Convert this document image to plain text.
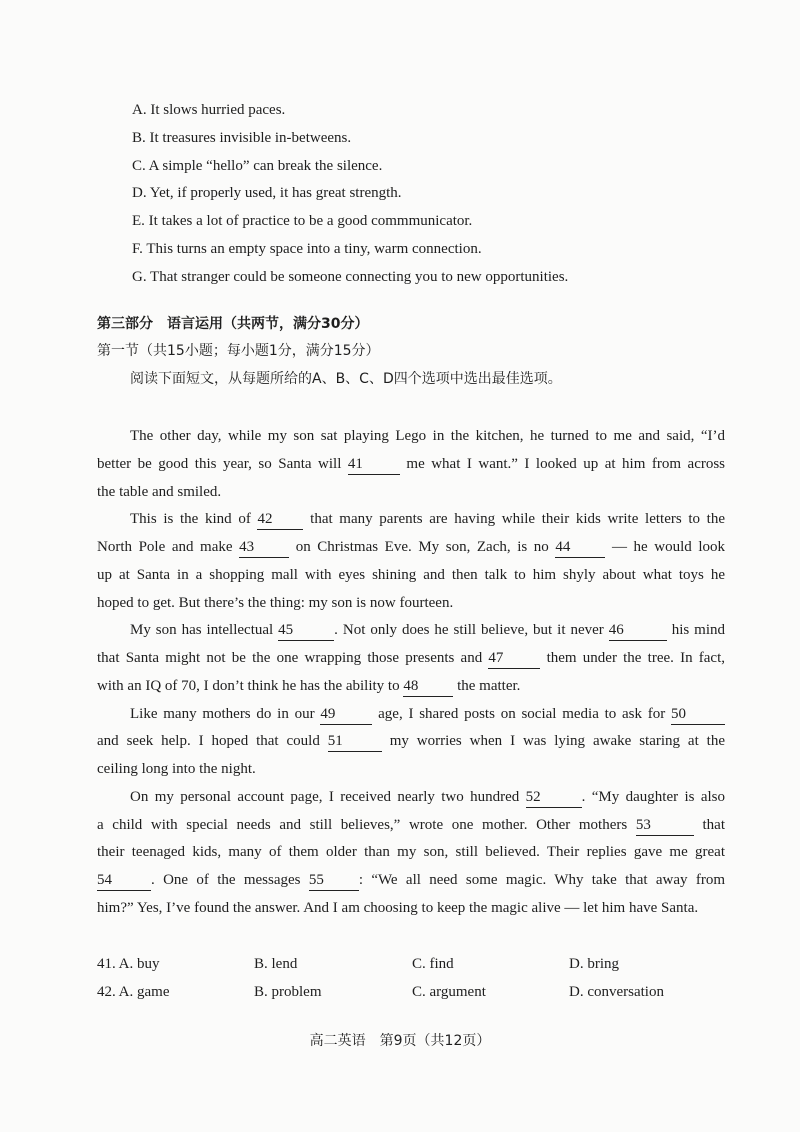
A. It slows hurried paces.
B. It treasures invisible in-betweens.
C. A simple “hello” can break the silence.
D. Yet, if properly used, it has great strength.
E. It takes a lot of practice to be a good commmunicator.
F. This turns an empty space into a tiny, warm connection.
G. That stranger could be someone connecting you to new opportunities.
第三部分　语言运用（共两节，满分30分）
第一节（共15小题；每小题1分，满分15分）
阅读下面短文，从每题所给的A、B、C、D四个选项中选出最佳选项。
The other day, while my son sat playing Lego in the kitchen, he turned to me and said, “I’d
better be good this year, so Santa will 41	me what I want.” I looked up at him from across
the table and smiled.
This is the kind of 42	that many parents are having while their kids write letters to the
North Pole and make 43	on Christmas Eve. My son, Zach, is no 44	— he would look
up at Santa in a shopping mall with eyes shining and then talk to him shyly about what toys he
hoped to get. But there’s the thing: my son is now fourteen.
My son has intellectual 45	. Not only does he still believe, but it never 46	his mind
that Santa might not be the one wrapping those presents and 47	them under the tree. In fact,
with an IQ of 70, I don’t think he has the ability to 48	the matter.
Like many mothers do in our 49	age, I shared posts on social media to ask for 50
and seek help. I hoped that could 51	my worries when I was lying awake staring at the
ceiling long into the night.
On my personal account page, I received nearly two hundred 52	. “My daughter is also
a child with special needs and still believes,” wrote one mother. Other mothers 53	that
their teenaged kids, many of them older than my son, still believed. Their replies gave me great
54	. One of the messages 55 : “We all need some magic. Why take that away from
him?” Yes, I’ve found the answer. And I am choosing to keep the magic alive — let him have Santa.
41. A. buy	B. lend	C. find	D. bring
42. A. game	B. problem	C. argument	D. conversation
高二英语　第9页（共12页）
